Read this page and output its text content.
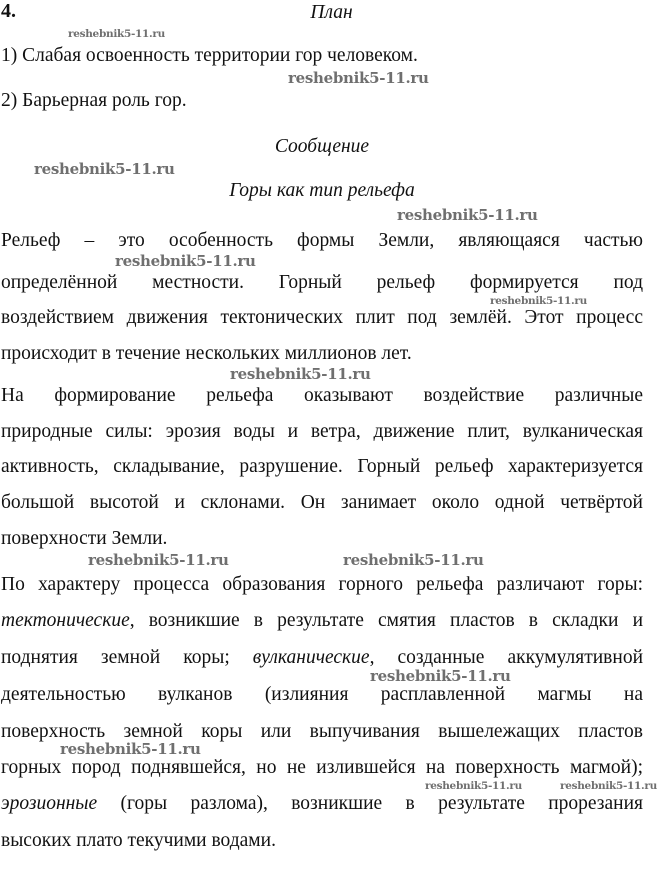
4.	План
1) Слабая освоенность территории гор человеком.
2) Барьерная роль гор.
Сообщение
Горы как тип рельефа
Рельеф – это особенность формы Земли, являющаяся частью
определённой местности. Горный рельеф формируется под
воздействием движения тектонических плит под землёй. Этот процесс
происходит в течение нескольких миллионов лет.
На формирование рельефа оказывают воздействие различные
природные силы: эрозия воды и ветра, движение плит, вулканическая
активность, складывание, разрушение. Горный рельеф характеризуется
большой высотой и склонами. Он занимает около одной четвёртой
поверхности Земли.
По характеру процесса образования горного рельефа различают горы:
тектонические, возникшие в результате смятия пластов в складки и
поднятия земной коры; вулканические, созданные аккумулятивной
деятельностью вулканов (излияния расплавленной магмы на
поверхность земной коры или выпучивания вышележащих пластов
горных пород поднявшейся, но не излившейся на поверхность магмой);
эрозионные (горы разлома), возникшие в результате прорезания
высоких плато текучими водами.
reshebnik5-11.ru
reshebnik5-11.ru
reshebnik5-11.ru
reshebnik5-11.ru
reshebnik5-11.ru
reshebnik5-11.ru
reshebnik5-11.ru
reshebnik5-11.ru
reshebnik5-11.ru
reshebnik5-11.ru
reshebnik5-11.ru
reshebnik5-11.ru	reshebnik5-11.ru
